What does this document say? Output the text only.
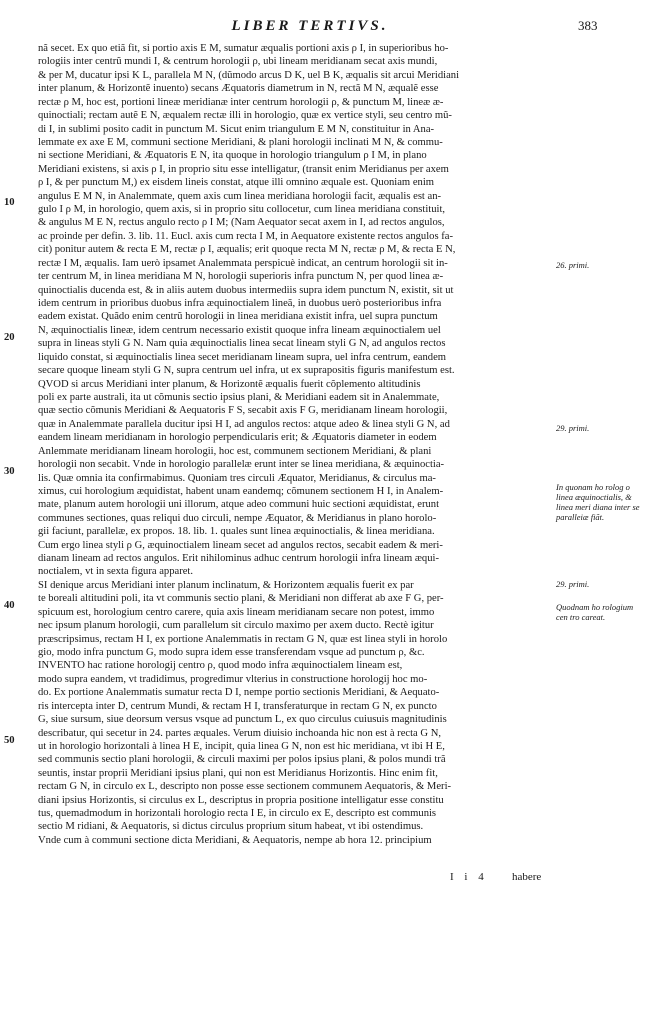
LIBER TERTIVS.	383
10
20
30
40
50
nã secet. Ex quo etiã fit, si portio axis E M, sumatur æqualis portioni axis ρ I, in superioribus ho-
rologiis inter centrũ mundi I, & centrum horologii ρ, ubi lineam meridianam secat axis mundi,
& per M, ducatur ipsi K L, parallela M N, (dũmodo arcus D K, uel B K, æqualis sit arcui Meridiani
inter planum, & Horizontẽ inuento) secans Æquatoris diametrum in N, rectã M N, æqualẽ esse
rectæ ρ M, hoc est, portioni lineæ meridianæ inter centrum horologii ρ, & punctum M, lineæ æ-
quinoctiali; rectam autẽ E N, æqualem rectæ illi in horologio, quæ ex vertice styli, seu centro mũ-
di I, in sublimi posito cadit in punctum M. Sicut enim triangulum E M N, constituitur in Ana-
lemmate ex axe E M, communi sectione Meridiani, & plani horologii inclinati M N, & commu-
ni sectione Meridiani, & Æquatoris E N, ita quoque in horologio triangulum ρ I M, in plano
Meridiani existens, si axis ρ I, in proprio situ esse intelligatur, (transit enim Meridianus per axem
ρ I, & per punctum M,) ex eisdem lineis constat, atque illi omnino æquale est. Quoniam enim
angulus E M N, in Analemmate, quem axis cum linea meridiana horologii facit, æqualis est an-
gulo I ρ M, in horologio, quem axis, si in proprio situ collocetur, cum linea meridiana constituit,
& angulus M E N, rectus angulo recto ρ I M; (Nam Aequator secat axem in I, ad rectos angulos,
ac proinde per defin. 3. lib. 11. Eucl. axis cum recta I M, in Aequatore existente rectos angulos fa-
cit) ponitur autem & recta E M, rectæ ρ I, æqualis; erit quoque recta M N, rectæ ρ M, & recta E N,
rectæ I M, æqualis. Iam uerò ipsamet Analemmata perspicuè indicat, an centrum horologii sit in-
ter centrum M, in linea meridiana M N, horologii superioris infra punctum N, per quod linea æ-
quinoctialis ducenda est, & in aliis autem duobus intermediis supra idem punctum N, existit, sit ut
idem centrum in prioribus duobus infra æquinoctialem lineã, in duobus uerò posterioribus infra
eadem existat. Quãdo enim centrũ horologii in linea meridiana existit infra, uel supra punctum
N, æquinoctialis lineæ, idem centrum necessario existit quoque infra lineam æquinoctialem uel
supra in lineas styli G N. Nam quia æquinoctialis linea secat lineam styli G N, ad angulos rectos
liquido constat, si æquinoctialis linea secet meridianam lineam supra, uel infra centrum, eandem
secare quoque lineam styli G N, supra centrum uel infra, ut ex suprapositis figuris manifestum est.
QVOD si arcus Meridiani inter planum, & Horizontẽ æqualis fuerit cõplemento altitudinis
poli ex parte australi, ita ut cõmunis sectio ipsius plani, & Meridiani eadem sit in Analemmate,
quæ sectio cõmunis Meridiani & Aequatoris F S, secabit axis F G, meridianam lineam horologii,
quæ in Analemmate parallela ducitur ipsi H I, ad angulos rectos: atque adeo & linea styli G N, ad
eandem lineam meridianam in horologio perpendicularis erit; & Æquatoris diameter in eodem
Anlemmate meridianam lineam horologii, hoc est, communem sectionem Meridiani, & plani
horologii non secabit. Vnde in horologio parallelæ erunt inter se linea meridiana, & æquinoctia-
lis. Quæ omnia ita confirmabimus. Quoniam tres circuli Æquator, Meridianus, & circulus ma-
ximus, cui horologium æquidistat, habent unam eandemq; cõmunem sectionem H I, in Analem-
mate, planum autem horologii uni illorum, atque adeo communi huic sectioni æquidistat, erunt
communes sectiones, quas reliqui duo circuli, nempe Æquator, & Meridianus in plano horolo-
gii faciunt, parallelæ, ex propos. 18. lib. 1. quales sunt linea æquinoctialis, & linea meridiana.
Cum ergo linea styli ρ G, æquinoctialem lineam secet ad angulos rectos, secabit eadem & meri-
dianam lineam ad rectos angulos. Erit nihilominus adhuc centrum horologii infra lineam æqui-
noctialem, vt in sexta figura apparet.
SI denique arcus Meridiani inter planum inclinatum, & Horizontem æqualis fuerit ex par
te boreali altitudini poli, ita vt communis sectio plani, & Meridiani non differat ab axe F G, per-
spicuum est, horologium centro carere, quia axis lineam meridianam secare non potest, immo
nec ipsum planum horologii, cum parallelum sit circulo maximo per axem ducto. Rectè igitur
præscripsimus, rectam H I, ex portione Analemmatis in rectam G N, quæ est linea styli in horolo
gio, modo infra punctum G, modo supra idem esse transferendam vsque ad punctum ρ, &c.
INVENTO hac ratione horologij centro ρ, quod modo infra æquinoctialem lineam est,
modo supra eandem, vt tradidimus, progredimur vlterius in constructione horologij hoc mo-
do. Ex portione Analemmatis sumatur recta D I, nempe portio sectionis Meridiani, & Aequato-
ris intercepta inter D, centrum Mundi, & rectam H I, transferaturque in rectam G N, ex puncto
G, siue sursum, siue deorsum versus vsque ad punctum L, ex quo circulus cuiusuis magnitudinis
describatur, qui secetur in 24. partes æquales. Verum diuisio inchoanda hic non est à recta G N,
ut in horologio horizontali à linea H E, incipit, quia linea G N, non est hic meridiana, vt ibi H E,
sed communis sectio plani horologii, & circuli maximi per polos ipsius plani, & polos mundi trã
seuntis, instar proprii Meridiani ipsius plani, qui non est Meridianus Horizontis. Hinc enim fit,
rectam G N, in circulo ex L, descripto non posse esse sectionem communem Aequatoris, & Meri-
diani ipsius Horizontis, si circulus ex L, descriptus in propria positione intelligatur esse constitu
tus, quemadmodum in horizontali horologio recta I E, in circulo ex E, descripto est communis
sectio M ridiani, & Aequatoris, si dictus circulus proprium situm habeat, vt ibi ostendimus.
Vnde cum à communi sectione dicta Meridiani, & Aequatoris, nempe ab hora 12. principium
26. primi.
29. primi.
In quonam ho rolog o linea æquinoctialis, & linea meri diana inter se paralleiæ fiãt.
29. primi.
Quodnam ho rologium cen tro careat.
I i 4 habere
